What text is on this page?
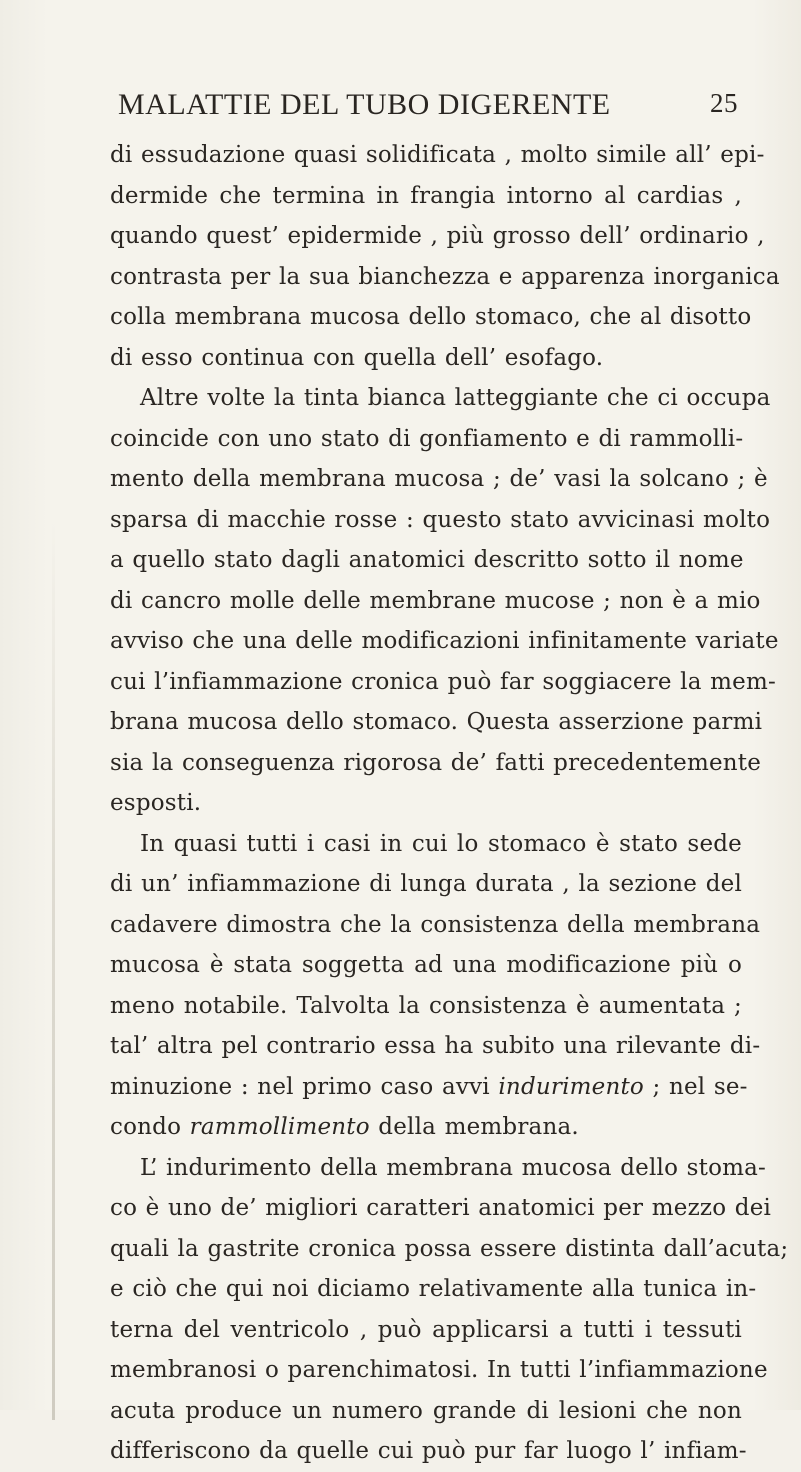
MALATTIE DEL TUBO DIGERENTE	25
di essudazione quasi solidificata , molto simile all’ epi-
dermide che termina in frangia intorno al cardias ,
quando quest’ epidermide , più grosso dell’ ordinario ,
contrasta per la sua bianchezza e apparenza inorganica
colla membrana mucosa dello stomaco, che al disotto
di esso continua con quella dell’ esofago.
Altre volte la tinta bianca latteggiante che ci occupa
coincide con uno stato di gonfiamento e di rammolli-
mento della membrana mucosa ; de’ vasi la solcano ; è
sparsa di macchie rosse : questo stato avvicinasi molto
a quello stato dagli anatomici descritto sotto il nome
di cancro molle delle membrane mucose ; non è a mio
avviso che una delle modificazioni infinitamente variate
cui l’infiammazione cronica può far soggiacere la mem-
brana mucosa dello stomaco. Questa asserzione parmi
sia la conseguenza rigorosa de’ fatti precedentemente
esposti.
In quasi tutti i casi in cui lo stomaco è stato sede
di un’ infiammazione di lunga durata , la sezione del
cadavere dimostra che la consistenza della membrana
mucosa è stata soggetta ad una modificazione più o
meno notabile. Talvolta la consistenza è aumentata ;
tal’ altra pel contrario essa ha subito una rilevante di-
minuzione : nel primo caso avvi indurimento ; nel se-
condo rammollimento della membrana.
L’ indurimento della membrana mucosa dello stoma-
co è uno de’ migliori caratteri anatomici per mezzo dei
quali la gastrite cronica possa essere distinta dall’acuta;
e ciò che qui noi diciamo relativamente alla tunica in-
terna del ventricolo , può applicarsi a tutti i tessuti
membranosi o parenchimatosi. In tutti l’infiammazione
acuta produce un numero grande di lesioni che non
differiscono da quelle cui può pur far luogo l’ infiam-
